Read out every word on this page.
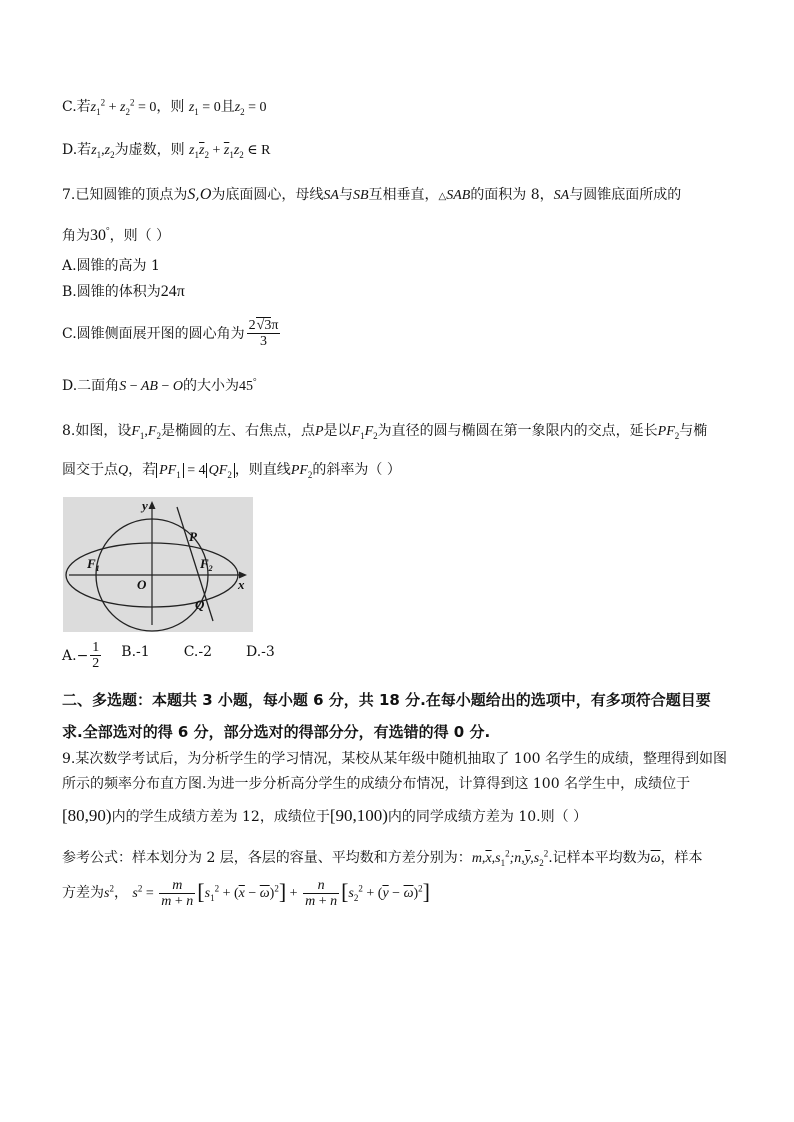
C.若$z_1^2 + z_2^2 = 0$，则 $z_1 = 0$且$z_2 = 0$
D.若$z_1,z_2$为虚数，则 $z_1\overline{z}_2 + \overline{z}_1z_2$ ∈ R
7.已知圆锥的顶点为S,O为底面圆心，母线SA与SB互相垂直，△SAB的面积为 8，SA与圆锥底面所成的
角为30°，则（ ）
A.圆锥的高为 1
B.圆锥的体积为24π
C.圆锥侧面展开图的圆心角为 $\frac{2√3\pi}{3}$
D.二面角S − AB − O的大小为45°
8.如图，设$F_1,F_2$是椭圆的左、右焦点，点P是以$F_1F_2$为直径的圆与椭圆在第一象限内的交点，延长$PF_2$与椭
圆交于点Q，若 $PF_1 = 4$ $QF_2$ ，则直线$PF_2$的斜率为（ ）
y
x
O
P
Q
$F_1$	$F_2$
$A.- \frac{1}{2} B.-1$ C.-2 D.-3
二、多选题：本题共 3 小题，每小题 6 分，共 18 分.在每小题给出的选项中，有多项符合题目要
求.全部选对的得 6 分，部分选对的得部分分，有选错的得 0 分.
9.某次数学考试后，为分析学生的学习情况，某校从某年级中随机抽取了 100 名学生的成绩，整理得到如图
所示的频率分布直方图.为进一步分析高分学生的成绩分布情况，计算得到这 100 名学生中，成绩位于
[80,90)内的学生成绩方差为 12，成绩位于[90,100)内的同学成绩方差为 10.则（ ）
参考公式：样本划分为 2 层，各层的容量、平均数和方差分别为：$m,\overline{x},s_1^2;n,\overline{y},s_2^2$.记样本平均数为$\overline{\omega}$，样本
方差为$s^2$， $s^2 = \frac{m}{m + n} [s_1^2 + (\overline{x} - \overline{\omega})^2] + \frac{n}{m + n} [s_2^2 + (\overline{y} - \overline{\omega})^2]$
